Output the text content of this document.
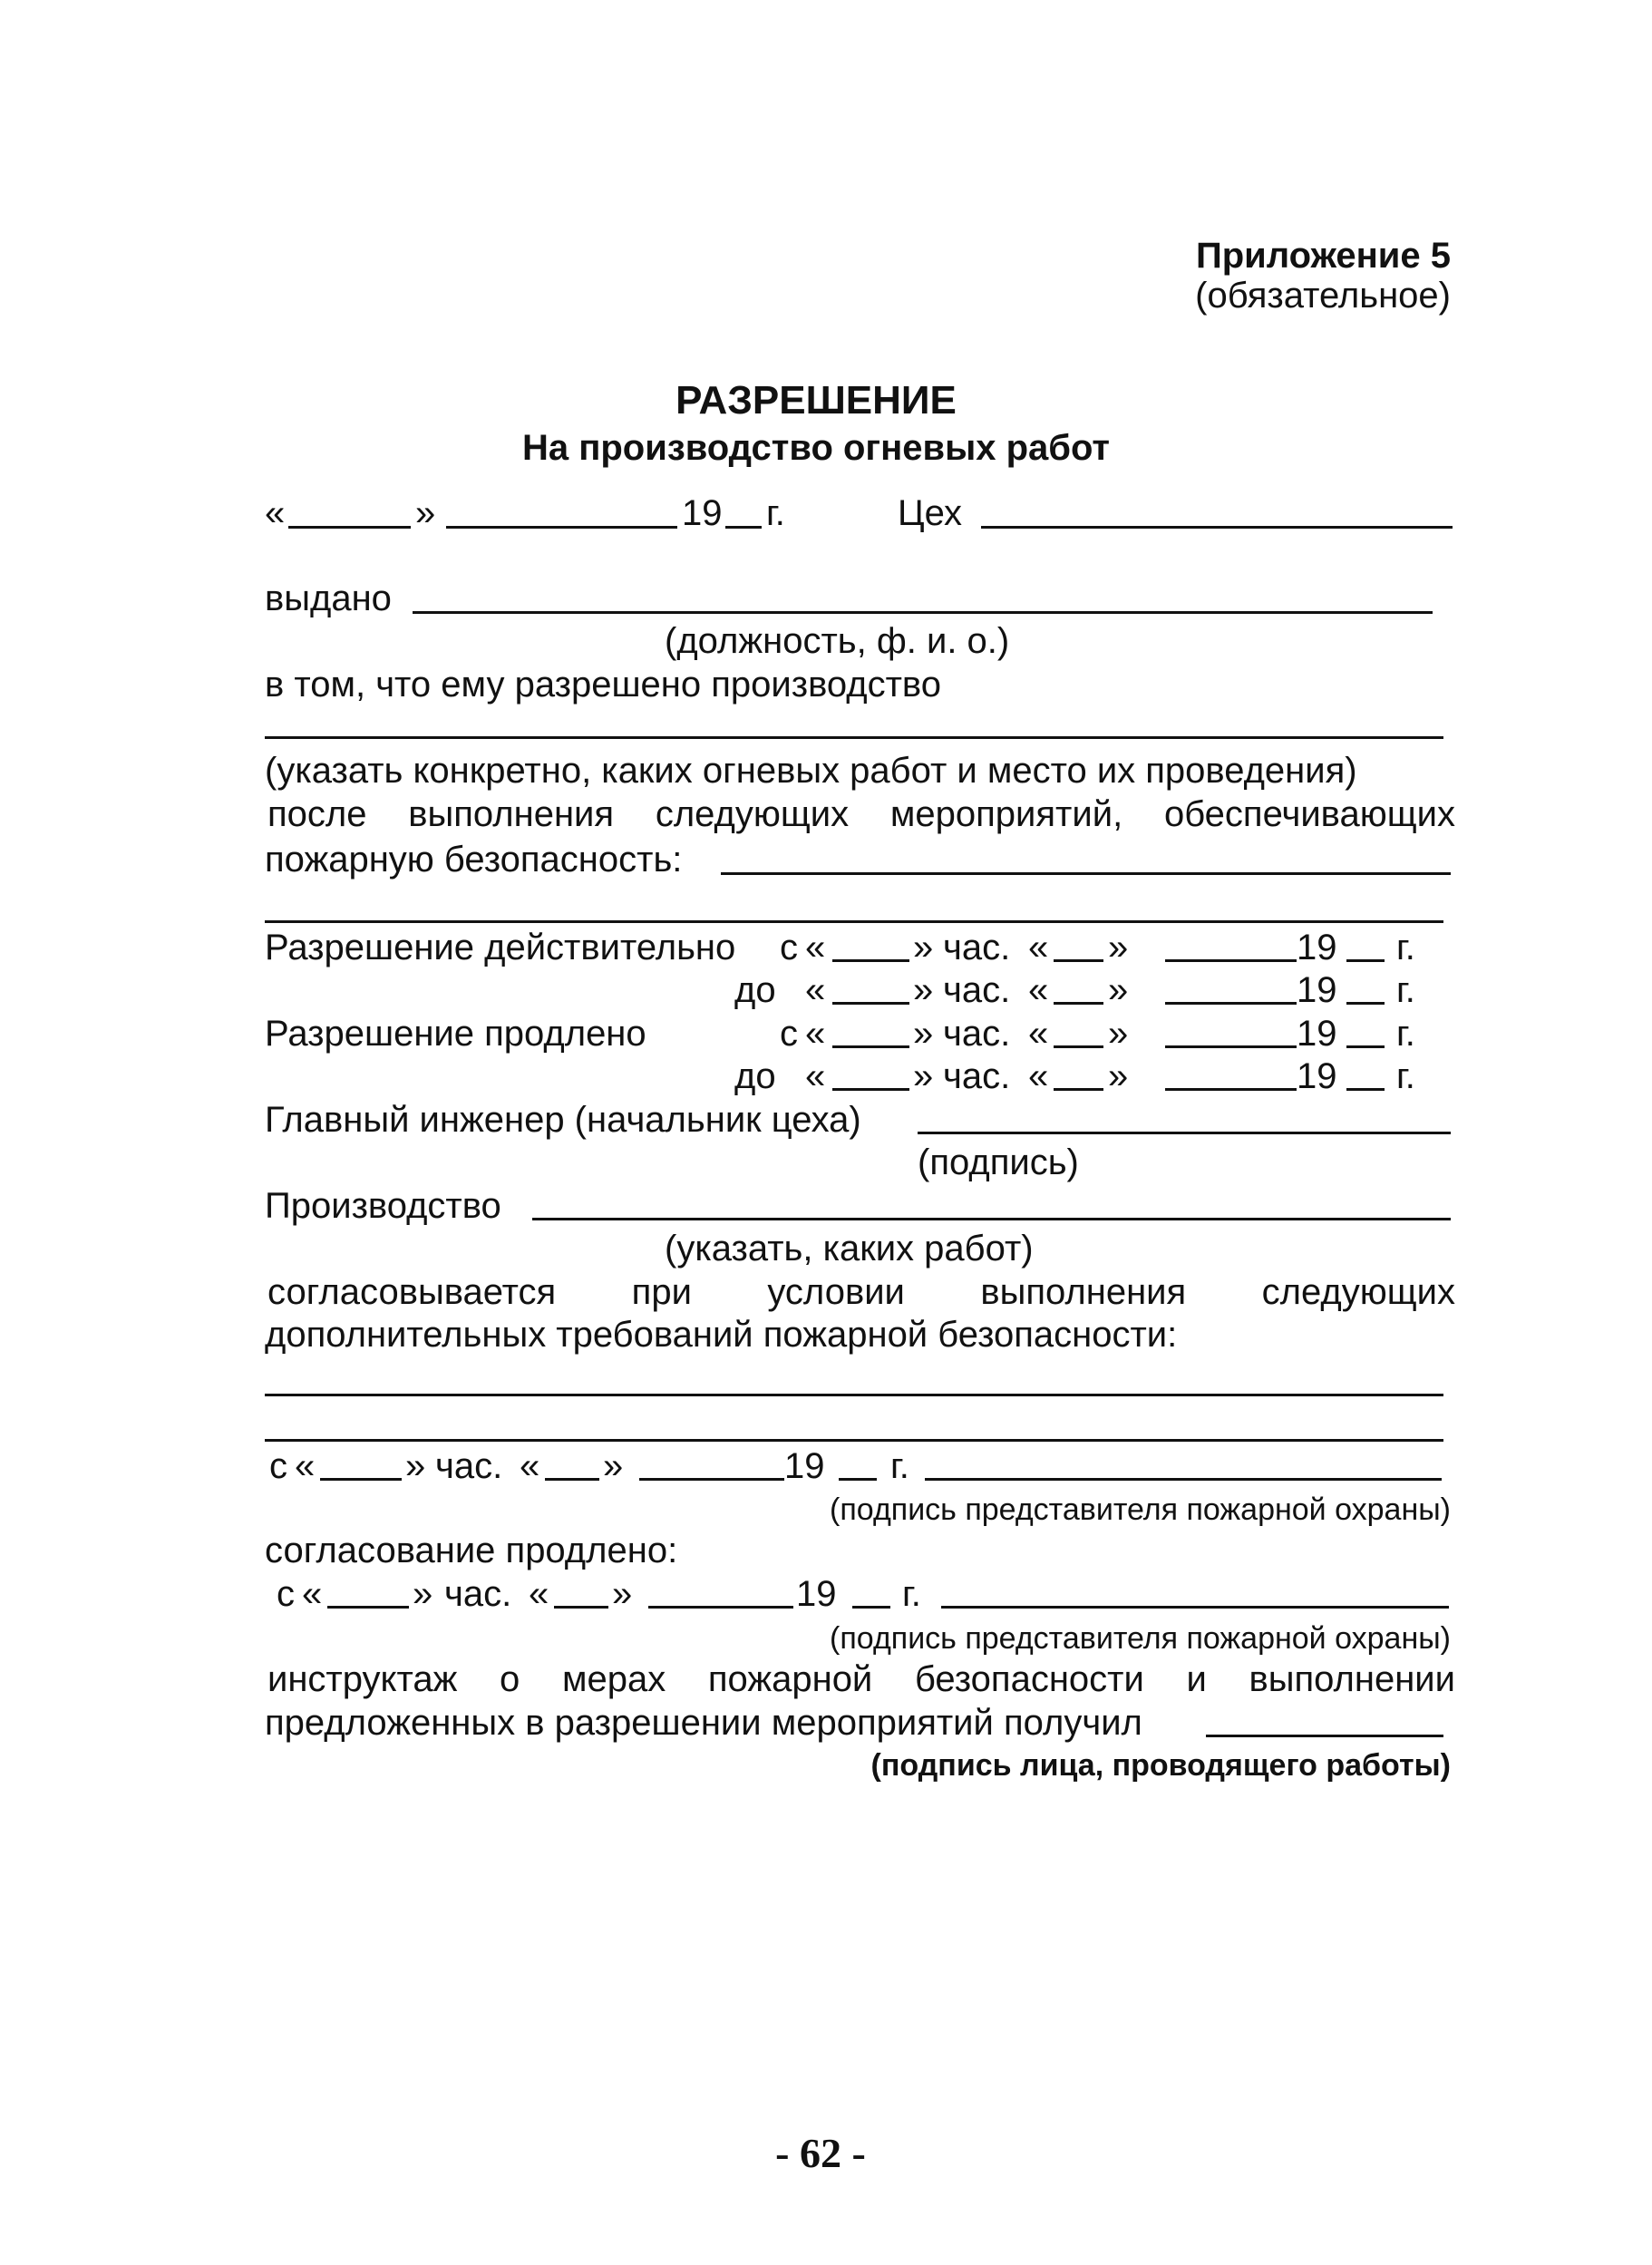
Приложение 5
(обязательное)
РАЗРЕШЕНИЕ
На производство огневых работ
«	»	19 г.	Цех
выдано
(должность, ф. и. о.)
в том, что ему разрешено производство
(указать конкретно, каких огневых работ и место их проведения)
после выполнения следующих мероприятий, обеспечивающих
пожарную безопасность:
Разрешение действительно с « » час. « »	19 г.
до « » час. « »	19 г.
Разрешение продлено	с « » час. « »	19 г.
до « » час. « »	19 г.
Главный инженер (начальник цеха)
(подпись)
Производство
(указать, каких работ)
согласовывается при условии выполнения следующих
дополнительных требований пожарной безопасности:
с « » час. « »	19 г.
(подпись представителя пожарной охраны)
согласование продлено:
с « » час. « »	19 г.
(подпись представителя пожарной охраны)
инструктаж о мерах пожарной безопасности и выполнении
предложенных в разрешении мероприятий получил
(подпись лица, проводящего работы)
- 62 -
